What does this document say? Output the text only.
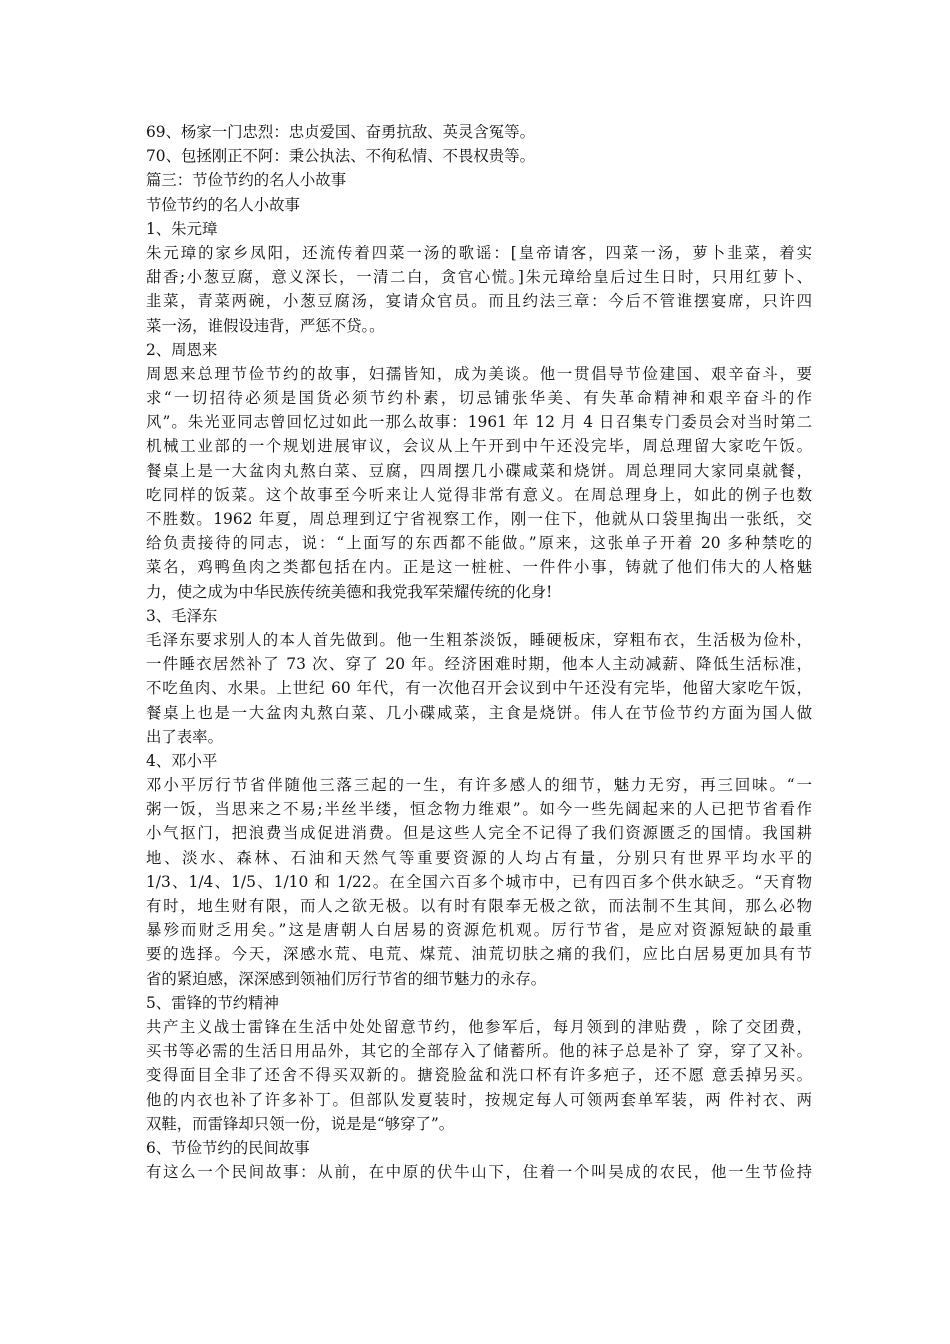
69、杨家一门忠烈：忠贞爱国、奋勇抗敌、英灵含冤等。
70、包拯刚正不阿：秉公执法、不徇私情、不畏权贵等。
篇三：节俭节约的名人小故事
节俭节约的名人小故事
1、朱元璋
朱元璋的家乡凤阳，还流传着四菜一汤的歌谣：[皇帝请客，四菜一汤，萝卜韭菜，着实
甜香;小葱豆腐，意义深长，一清二白，贪官心慌。]朱元璋给皇后过生日时，只用红萝卜、
韭菜，青菜两碗，小葱豆腐汤，宴请众官员。而且约法三章：今后不管谁摆宴席，只许四
菜一汤，谁假设违背，严惩不贷。。
2、周恩来
周恩来总理节俭节约的故事，妇孺皆知，成为美谈。他一贯倡导节俭建国、艰辛奋斗，要
求“一切招待必须是国货必须节约朴素，切忌铺张华美、有失革命精神和艰辛奋斗的作
风”。朱光亚同志曾回忆过如此一那么故事：1961 年 12 月 4 日召集专门委员会对当时第二
机械工业部的一个规划进展审议，会议从上午开到中午还没完毕，周总理留大家吃午饭。
餐桌上是一大盆肉丸熬白菜、豆腐，四周摆几小碟咸菜和烧饼。周总理同大家同桌就餐，
吃同样的饭菜。这个故事至今听来让人觉得非常有意义。在周总理身上，如此的例子也数
不胜数。1962 年夏，周总理到辽宁省视察工作，刚一住下，他就从口袋里掏出一张纸，交
给负责接待的同志，说：“上面写的东西都不能做。”原来，这张单子开着 20 多种禁吃的
菜名，鸡鸭鱼肉之类都包括在内。正是这一桩桩、一件件小事，铸就了他们伟大的人格魅
力，使之成为中华民族传统美德和我党我军荣耀传统的化身!
3、毛泽东
毛泽东要求别人的本人首先做到。他一生粗茶淡饭，睡硬板床，穿粗布衣，生活极为俭朴，
一件睡衣居然补了 73 次、穿了 20 年。经济困难时期，他本人主动减薪、降低生活标准，
不吃鱼肉、水果。上世纪 60 年代，有一次他召开会议到中午还没有完毕，他留大家吃午饭，
餐桌上也是一大盆肉丸熬白菜、几小碟咸菜，主食是烧饼。伟人在节俭节约方面为国人做
出了表率。
4、邓小平
邓小平厉行节省伴随他三落三起的一生，有许多感人的细节，魅力无穷，再三回味。“一
粥一饭，当思来之不易;半丝半缕，恒念物力维艰”。如今一些先阔起来的人已把节省看作
小气抠门，把浪费当成促进消费。但是这些人完全不记得了我们资源匮乏的国情。我国耕
地、淡水、森林、石油和天然气等重要资源的人均占有量，分别只有世界平均水平的
1/3、1/4、1/5、1/10 和 1/22。在全国六百多个城市中，已有四百多个供水缺乏。“天育物
有时，地生财有限，而人之欲无极。以有时有限奉无极之欲，而法制不生其间，那么必物
暴殄而财乏用矣。”这是唐朝人白居易的资源危机观。厉行节省，是应对资源短缺的最重
要的选择。今天，深感水荒、电荒、煤荒、油荒切肤之痛的我们，应比白居易更加具有节
省的紧迫感，深深感到领袖们厉行节省的细节魅力的永存。
5、雷锋的节约精神
共产主义战士雷锋在生活中处处留意节约，他参军后，每月领到的津贴费 ，除了交团费，
买书等必需的生活日用品外，其它的全部存入了储蓄所。他的袜子总是补了 穿，穿了又补。
变得面目全非了还舍不得买双新的。搪瓷脸盆和洗口杯有许多疤子，还不愿 意丢掉另买。
他的内衣也补了许多补丁。但部队发夏装时，按规定每人可领两套单军装，两 件衬衣、两
双鞋，而雷锋却只领一份，说是是“够穿了”。
6、节俭节约的民间故事
有这么一个民间故事：从前，在中原的伏牛山下，住着一个叫吴成的农民，他一生节俭持
